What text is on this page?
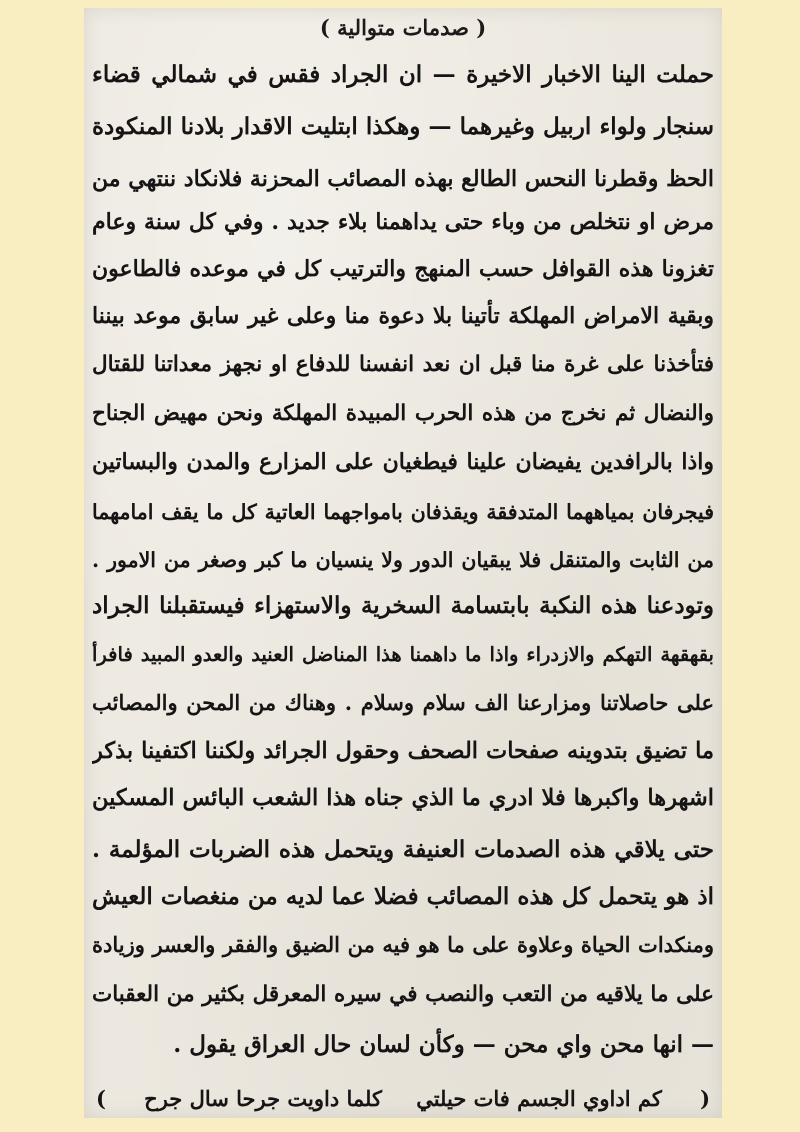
( صدمات متوالية )
حملت الينا الاخبار الاخيرة — ان الجراد فقس في شمالي قضاء
سنجار ولواء اربيل وغيرهما — وهكذا ابتليت الاقدار بلادنا المنكودة
الحظ وقطرنا النحس الطالع بهذه المصائب المحزنة فلانكاد ننتهي من
مرض او نتخلص من وباء حتى يداهمنا بلاء جديد . وفي كل سنة وعام
تغزونا هذه القوافل حسب المنهج والترتيب كل في موعده فالطاعون
وبقية الامراض المهلكة تأتينا بلا دعوة منا وعلى غير سابق موعد بيننا
فتأخذنا على غرة منا قبل ان نعد انفسنا للدفاع او نجهز معداتنا للقتال
والنضال ثم نخرج من هذه الحرب المبيدة المهلكة ونحن مهيض الجناح
واذا بالرافدين يفيضان علينا فيطغيان على المزارع والمدن والبساتين
فيجرفان بمياههما المتدفقة ويقذفان بامواجهما العاتية كل ما يقف امامهما
من الثابت والمتنقل فلا يبقيان الدور ولا ينسيان ما كبر وصغر من الامور .
وتودعنا هذه النكبة بابتسامة السخرية والاستهزاء فيستقبلنا الجراد
بقهقهة التهكم والازدراء واذا ما داهمنا هذا المناضل العنيد والعدو المبيد فافرأ
على حاصلاتنا ومزارعنا الف سلام وسلام . وهناك من المحن والمصائب
ما تضيق بتدوينه صفحات الصحف وحقول الجرائد ولكننا اكتفينا بذكر
اشهرها واكبرها فلا ادري ما الذي جناه هذا الشعب البائس المسكين
حتى يلاقي هذه الصدمات العنيفة ويتحمل هذه الضربات المؤلمة .
اذ هو يتحمل كل هذه المصائب فضلا عما لديه من منغصات العيش
ومنكدات الحياة وعلاوة على ما هو فيه من الضيق والفقر والعسر وزيادة
على ما يلاقيه من التعب والنصب في سيره المعرقل بكثير من العقبات
— انها محن واي محن — وكأن لسان حال العراق يقول .
(
كم اداوي الجسم فات حيلتي
كلما داويت جرحا سال جرح
)
